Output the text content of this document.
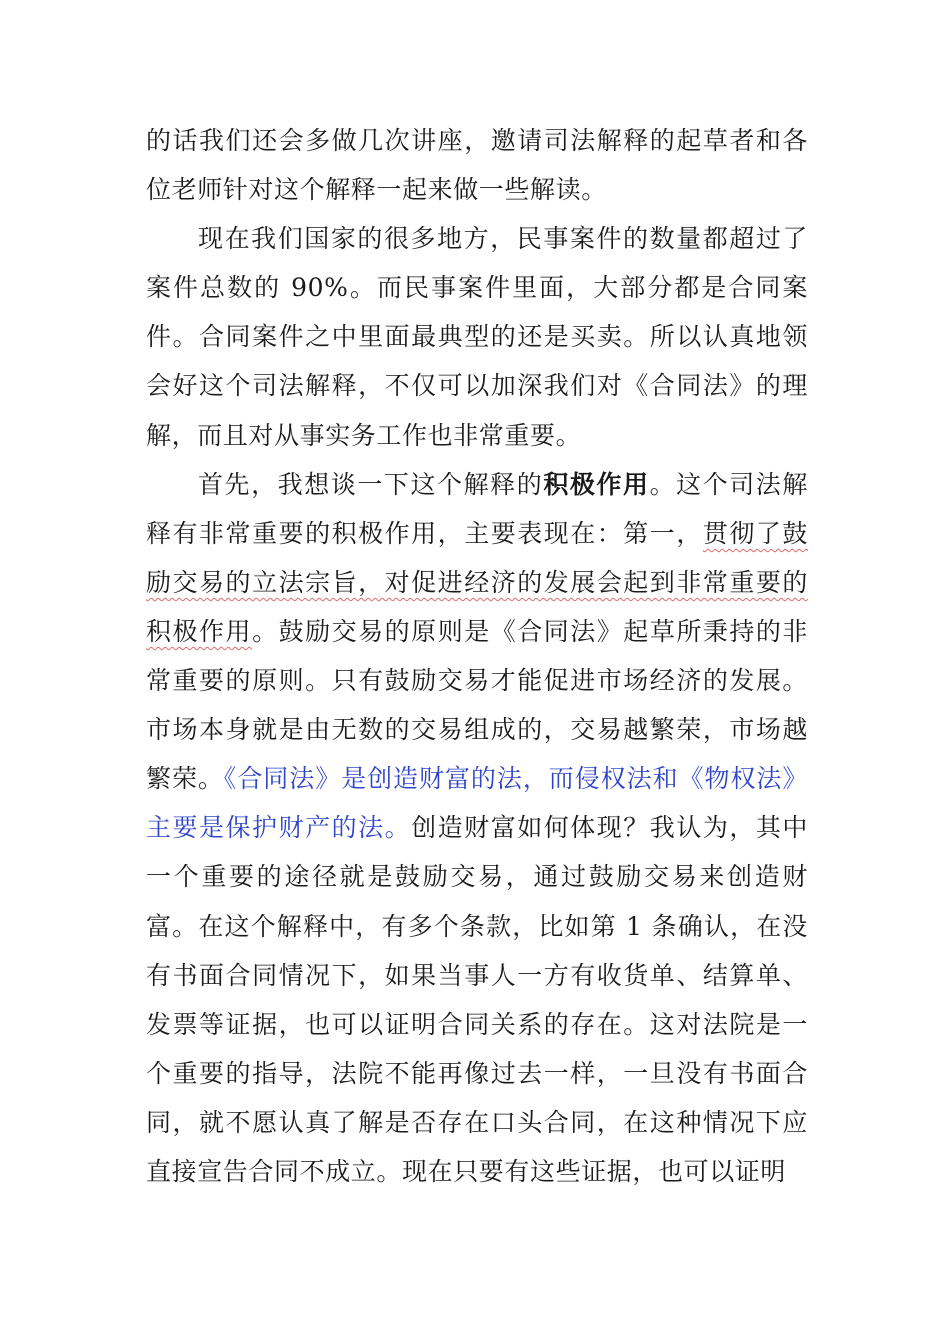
的话我们还会多做几次讲座，邀请司法解释的起草者和各位老师针对这个解释一起来做一些解读。

现在我们国家的很多地方，民事案件的数量都超过了案件总数的 90%。而民事案件里面，大部分都是合同案件。合同案件之中里面最典型的还是买卖。所以认真地领会好这个司法解释，不仅可以加深我们对《合同法》的理解，而且对从事实务工作也非常重要。

首先，我想谈一下这个解释的积极作用。这个司法解释有非常重要的积极作用，主要表现在：第一，贯彻了鼓励交易的立法宗旨，对促进经济的发展会起到非常重要的积极作用。鼓励交易的原则是《合同法》起草所秉持的非常重要的原则。只有鼓励交易才能促进市场经济的发展。市场本身就是由无数的交易组成的，交易越繁荣，市场越繁荣。《合同法》是创造财富的法，而侵权法和《物权法》主要是保护财产的法。创造财富如何体现？我认为，其中一个重要的途径就是鼓励交易，通过鼓励交易来创造财富。在这个解释中，有多个条款，比如第 1 条确认，在没有书面合同情况下，如果当事人一方有收货单、结算单、发票等证据，也可以证明合同关系的存在。这对法院是一个重要的指导，法院不能再像过去一样，一旦没有书面合同，就不愿认真了解是否存在口头合同，在这种情况下应直接宣告合同不成立。现在只要有这些证据，也可以证明
